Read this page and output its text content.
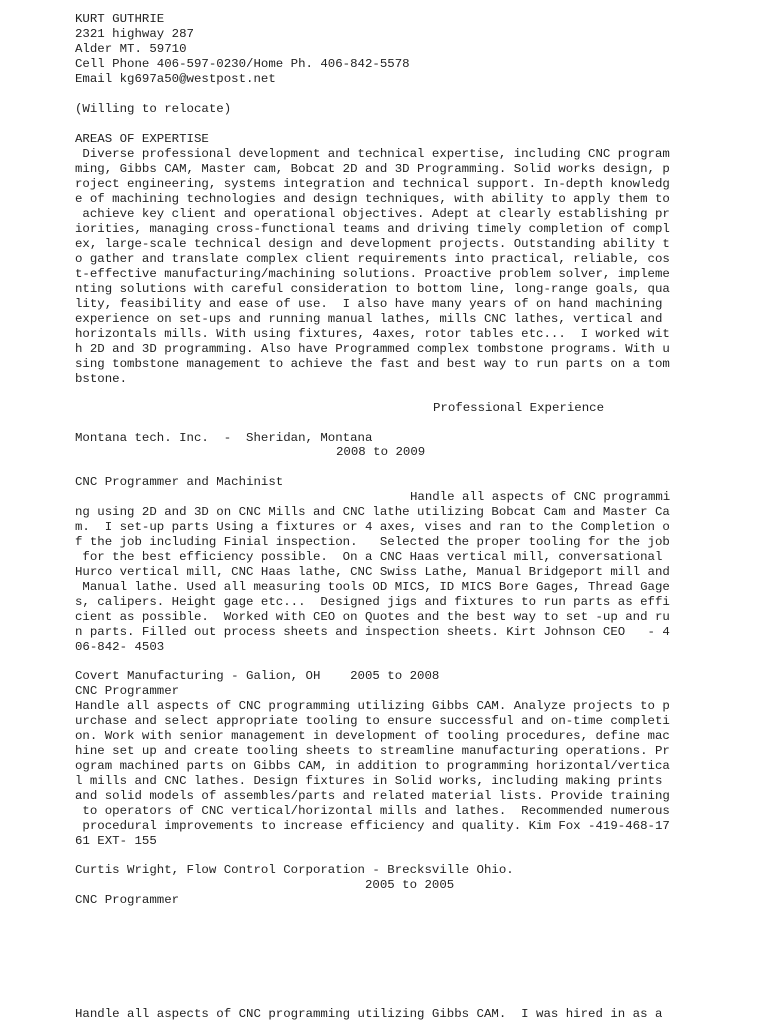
KURT GUTHRIE

2321 highway 287

Alder MT. 59710

Cell Phone 406-597-0230/Home Ph. 406-842-5578

Email kg697a50@westpost.net

(Willing to relocate)

AREAS OF EXPERTISE

Diverse professional development and technical expertise, including CNC program

ming, Gibbs CAM, Master cam, Bobcat 2D and 3D Programming. Solid works design, p

roject engineering, systems integration and technical support. In-depth knowledg

e of machining technologies and design techniques, with ability to apply them to

achieve key client and operational objectives. Adept at clearly establishing pr

iorities, managing cross-functional teams and driving timely completion of compl

ex, large-scale technical design and development projects. Outstanding ability t

o gather and translate complex client requirements into practical, reliable, cos

t-effective manufacturing/machining solutions. Proactive problem solver, impleme

nting solutions with careful consideration to bottom line, long-range goals, qua

lity, feasibility and ease of use.  I also have many years of on hand machining

experience on set-ups and running manual lathes, mills CNC lathes, vertical and

horizontals mills. With using fixtures, 4axes, rotor tables etc...  I worked wit

h 2D and 3D programming. Also have Programmed complex tombstone programs. With u

sing tombstone management to achieve the fast and best way to run parts on a tom

bstone.

Professional Experience

Montana tech. Inc.  -  Sheridan, Montana

2008 to 2009

CNC Programmer and Machinist

Handle all aspects of CNC programmi

ng using 2D and 3D on CNC Mills and CNC lathe utilizing Bobcat Cam and Master Ca

m.  I set-up parts Using a fixtures or 4 axes, vises and ran to the Completion o

f the job including Finial inspection.   Selected the proper tooling for the job

for the best efficiency possible.  On a CNC Haas vertical mill, conversational

Hurco vertical mill, CNC Haas lathe, CNC Swiss Lathe, Manual Bridgeport mill and

Manual lathe. Used all measuring tools OD MICS, ID MICS Bore Gages, Thread Gage

s, calipers. Height gage etc...  Designed jigs and fixtures to run parts as effi

cient as possible.  Worked with CEO on Quotes and the best way to set -up and ru

n parts. Filled out process sheets and inspection sheets. Kirt Johnson CEO   - 4

06-842- 4503

Covert Manufacturing - Galion, OH    2005 to 2008

CNC Programmer

Handle all aspects of CNC programming utilizing Gibbs CAM. Analyze projects to p

urchase and select appropriate tooling to ensure successful and on-time completi

on. Work with senior management in development of tooling procedures, define mac

hine set up and create tooling sheets to streamline manufacturing operations. Pr

ogram machined parts on Gibbs CAM, in addition to programming horizontal/vertica

l mills and CNC lathes. Design fixtures in Solid works, including making prints

and solid models of assembles/parts and related material lists. Provide training

to operators of CNC vertical/horizontal mills and lathes.  Recommended numerous

procedural improvements to increase efficiency and quality. Kim Fox -419-468-17

61 EXT- 155

Curtis Wright, Flow Control Corporation - Brecksville Ohio.

2005 to 2005

CNC Programmer

Handle all aspects of CNC programming utilizing Gibbs CAM.  I was hired in as a
